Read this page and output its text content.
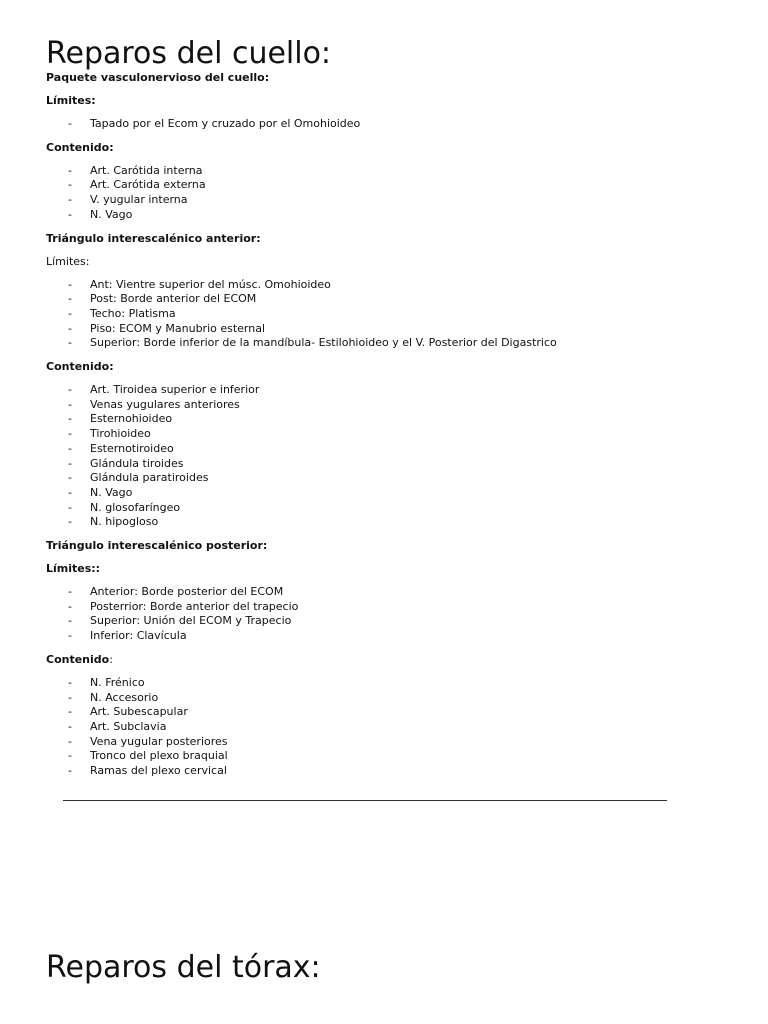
Reparos del cuello:

Paquete vasculonervioso del cuello:

Límites:

- Tapado por el Ecom y cruzado por el Omohioideo

Contenido:

- Art. Carótida interna
- Art. Carótida externa
- V. yugular interna
- N. Vago

Triángulo interescalénico anterior:

Límites:

- Ant: Vientre superior del músc. Omohioideo
- Post: Borde anterior del ECOM
- Techo: Platisma
- Piso: ECOM y Manubrio esternal
- Superior: Borde inferior de la mandíbula- Estilohioideo y el V. Posterior del Digastrico

Contenido:

- Art. Tiroidea superior e inferior
- Venas yugulares anteriores
- Esternohioideo
- Tirohioideo
- Esternotiroideo
- Glándula tiroides
- Glándula paratiroides
- N. Vago
- N. glosofaríngeo
- N. hipogloso

Triángulo interescalénico posterior:

Límites::

- Anterior: Borde posterior del ECOM
- Posterrior: Borde anterior del trapecio
- Superior: Unión del ECOM y Trapecio
- Inferior: Clavícula

Contenido:

- N. Frénico
- N. Accesorio
- Art. Subescapular
- Art. Subclavia
- Vena yugular posteriores
- Tronco del plexo braquial
- Ramas del plexo cervical
Reparos del tórax:
